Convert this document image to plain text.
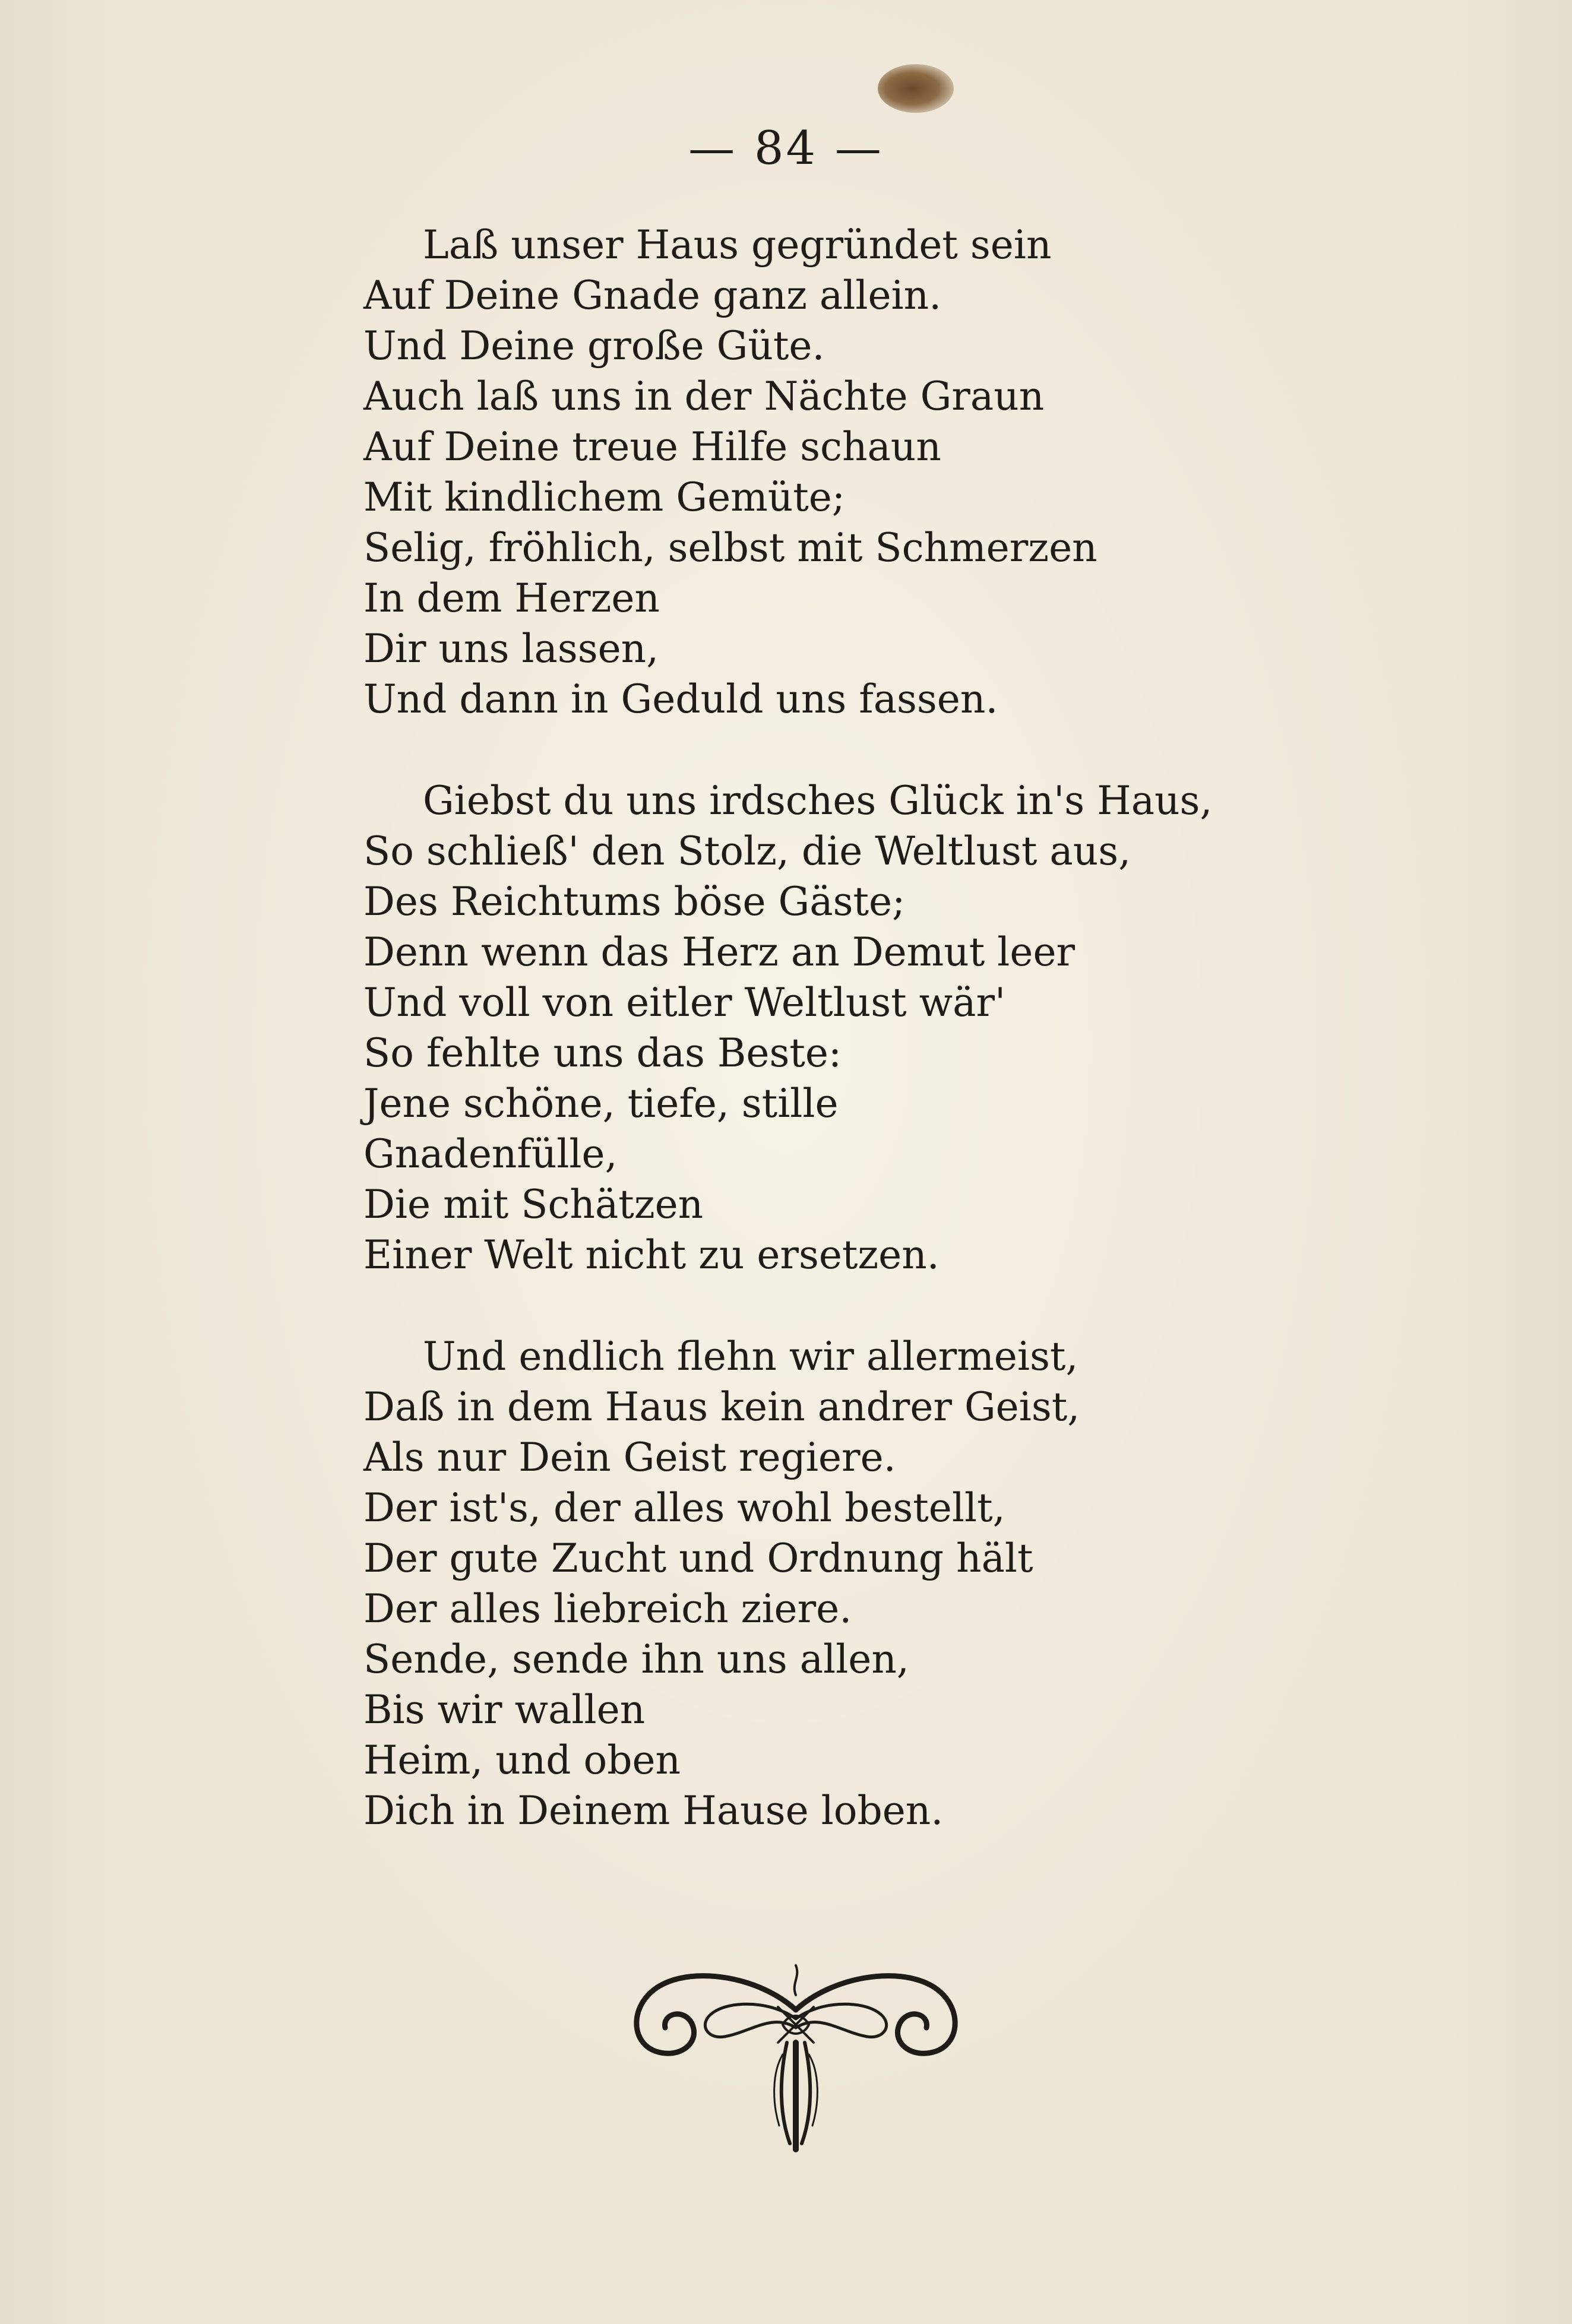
— 84 —
Laß unser Haus gegründet sein
Auf Deine Gnade ganz allein.
Und Deine große Güte.
Auch laß uns in der Nächte Graun
Auf Deine treue Hilfe schaun
Mit kindlichem Gemüte;
Selig, fröhlich, selbst mit Schmerzen
In dem Herzen
Dir uns lassen,
Und dann in Geduld uns fassen.
Giebst du uns irdsches Glück in's Haus,
So schließ' den Stolz, die Weltlust aus,
Des Reichtums böse Gäste;
Denn wenn das Herz an Demut leer
Und voll von eitler Weltlust wär'
So fehlte uns das Beste:
Jene schöne, tiefe, stille
Gnadenfülle,
Die mit Schätzen
Einer Welt nicht zu ersetzen.
Und endlich flehn wir allermeist,
Daß in dem Haus kein andrer Geist,
Als nur Dein Geist regiere.
Der ist's, der alles wohl bestellt,
Der gute Zucht und Ordnung hält
Der alles liebreich ziere.
Sende, sende ihn uns allen,
Bis wir wallen
Heim, und oben
Dich in Deinem Hause loben.
